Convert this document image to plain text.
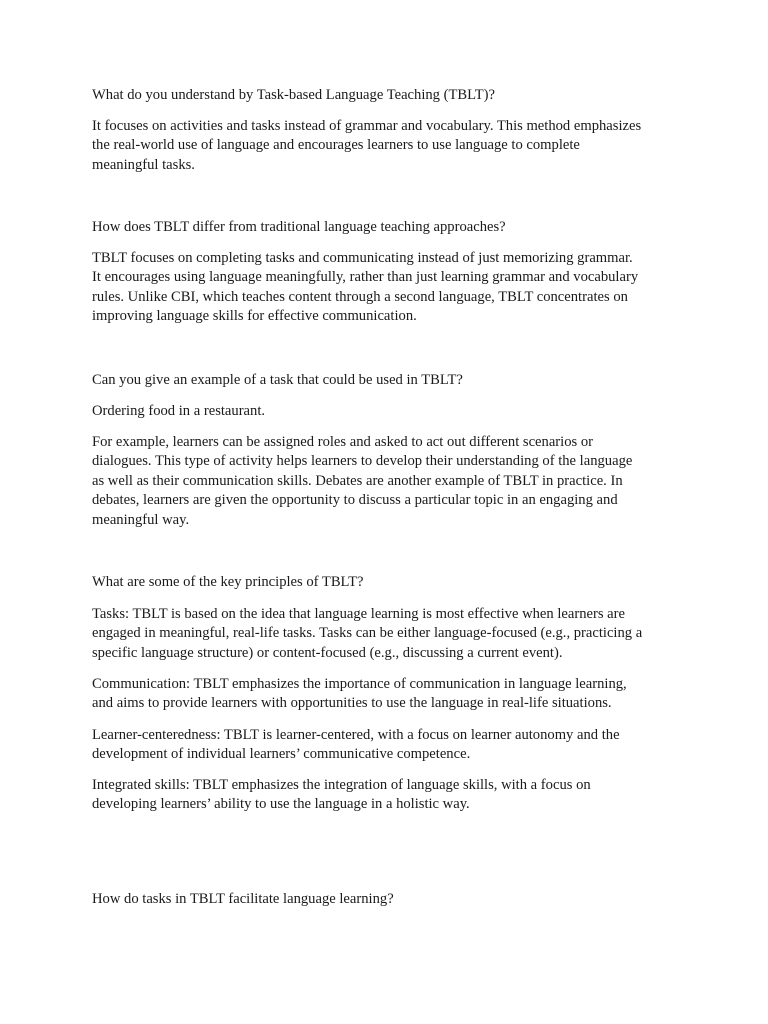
What do you understand by Task-based Language Teaching (TBLT)?

It focuses on activities and tasks instead of grammar and vocabulary. This method emphasizes
the real-world use of language and encourages learners to use language to complete
meaningful tasks.

How does TBLT differ from traditional language teaching approaches?

TBLT focuses on completing tasks and communicating instead of just memorizing grammar.
It encourages using language meaningfully, rather than just learning grammar and vocabulary
rules. Unlike CBI, which teaches content through a second language, TBLT concentrates on
improving language skills for effective communication.

Can you give an example of a task that could be used in TBLT?

Ordering food in a restaurant.

For example, learners can be assigned roles and asked to act out different scenarios or
dialogues. This type of activity helps learners to develop their understanding of the language
as well as their communication skills. Debates are another example of TBLT in practice. In
debates, learners are given the opportunity to discuss a particular topic in an engaging and
meaningful way.

What are some of the key principles of TBLT?

Tasks: TBLT is based on the idea that language learning is most effective when learners are
engaged in meaningful, real-life tasks. Tasks can be either language-focused (e.g., practicing a
specific language structure) or content-focused (e.g., discussing a current event).

Communication: TBLT emphasizes the importance of communication in language learning,
and aims to provide learners with opportunities to use the language in real-life situations.

Learner-centeredness: TBLT is learner-centered, with a focus on learner autonomy and the
development of individual learners’ communicative competence.

Integrated skills: TBLT emphasizes the integration of language skills, with a focus on
developing learners’ ability to use the language in a holistic way.

How do tasks in TBLT facilitate language learning?
